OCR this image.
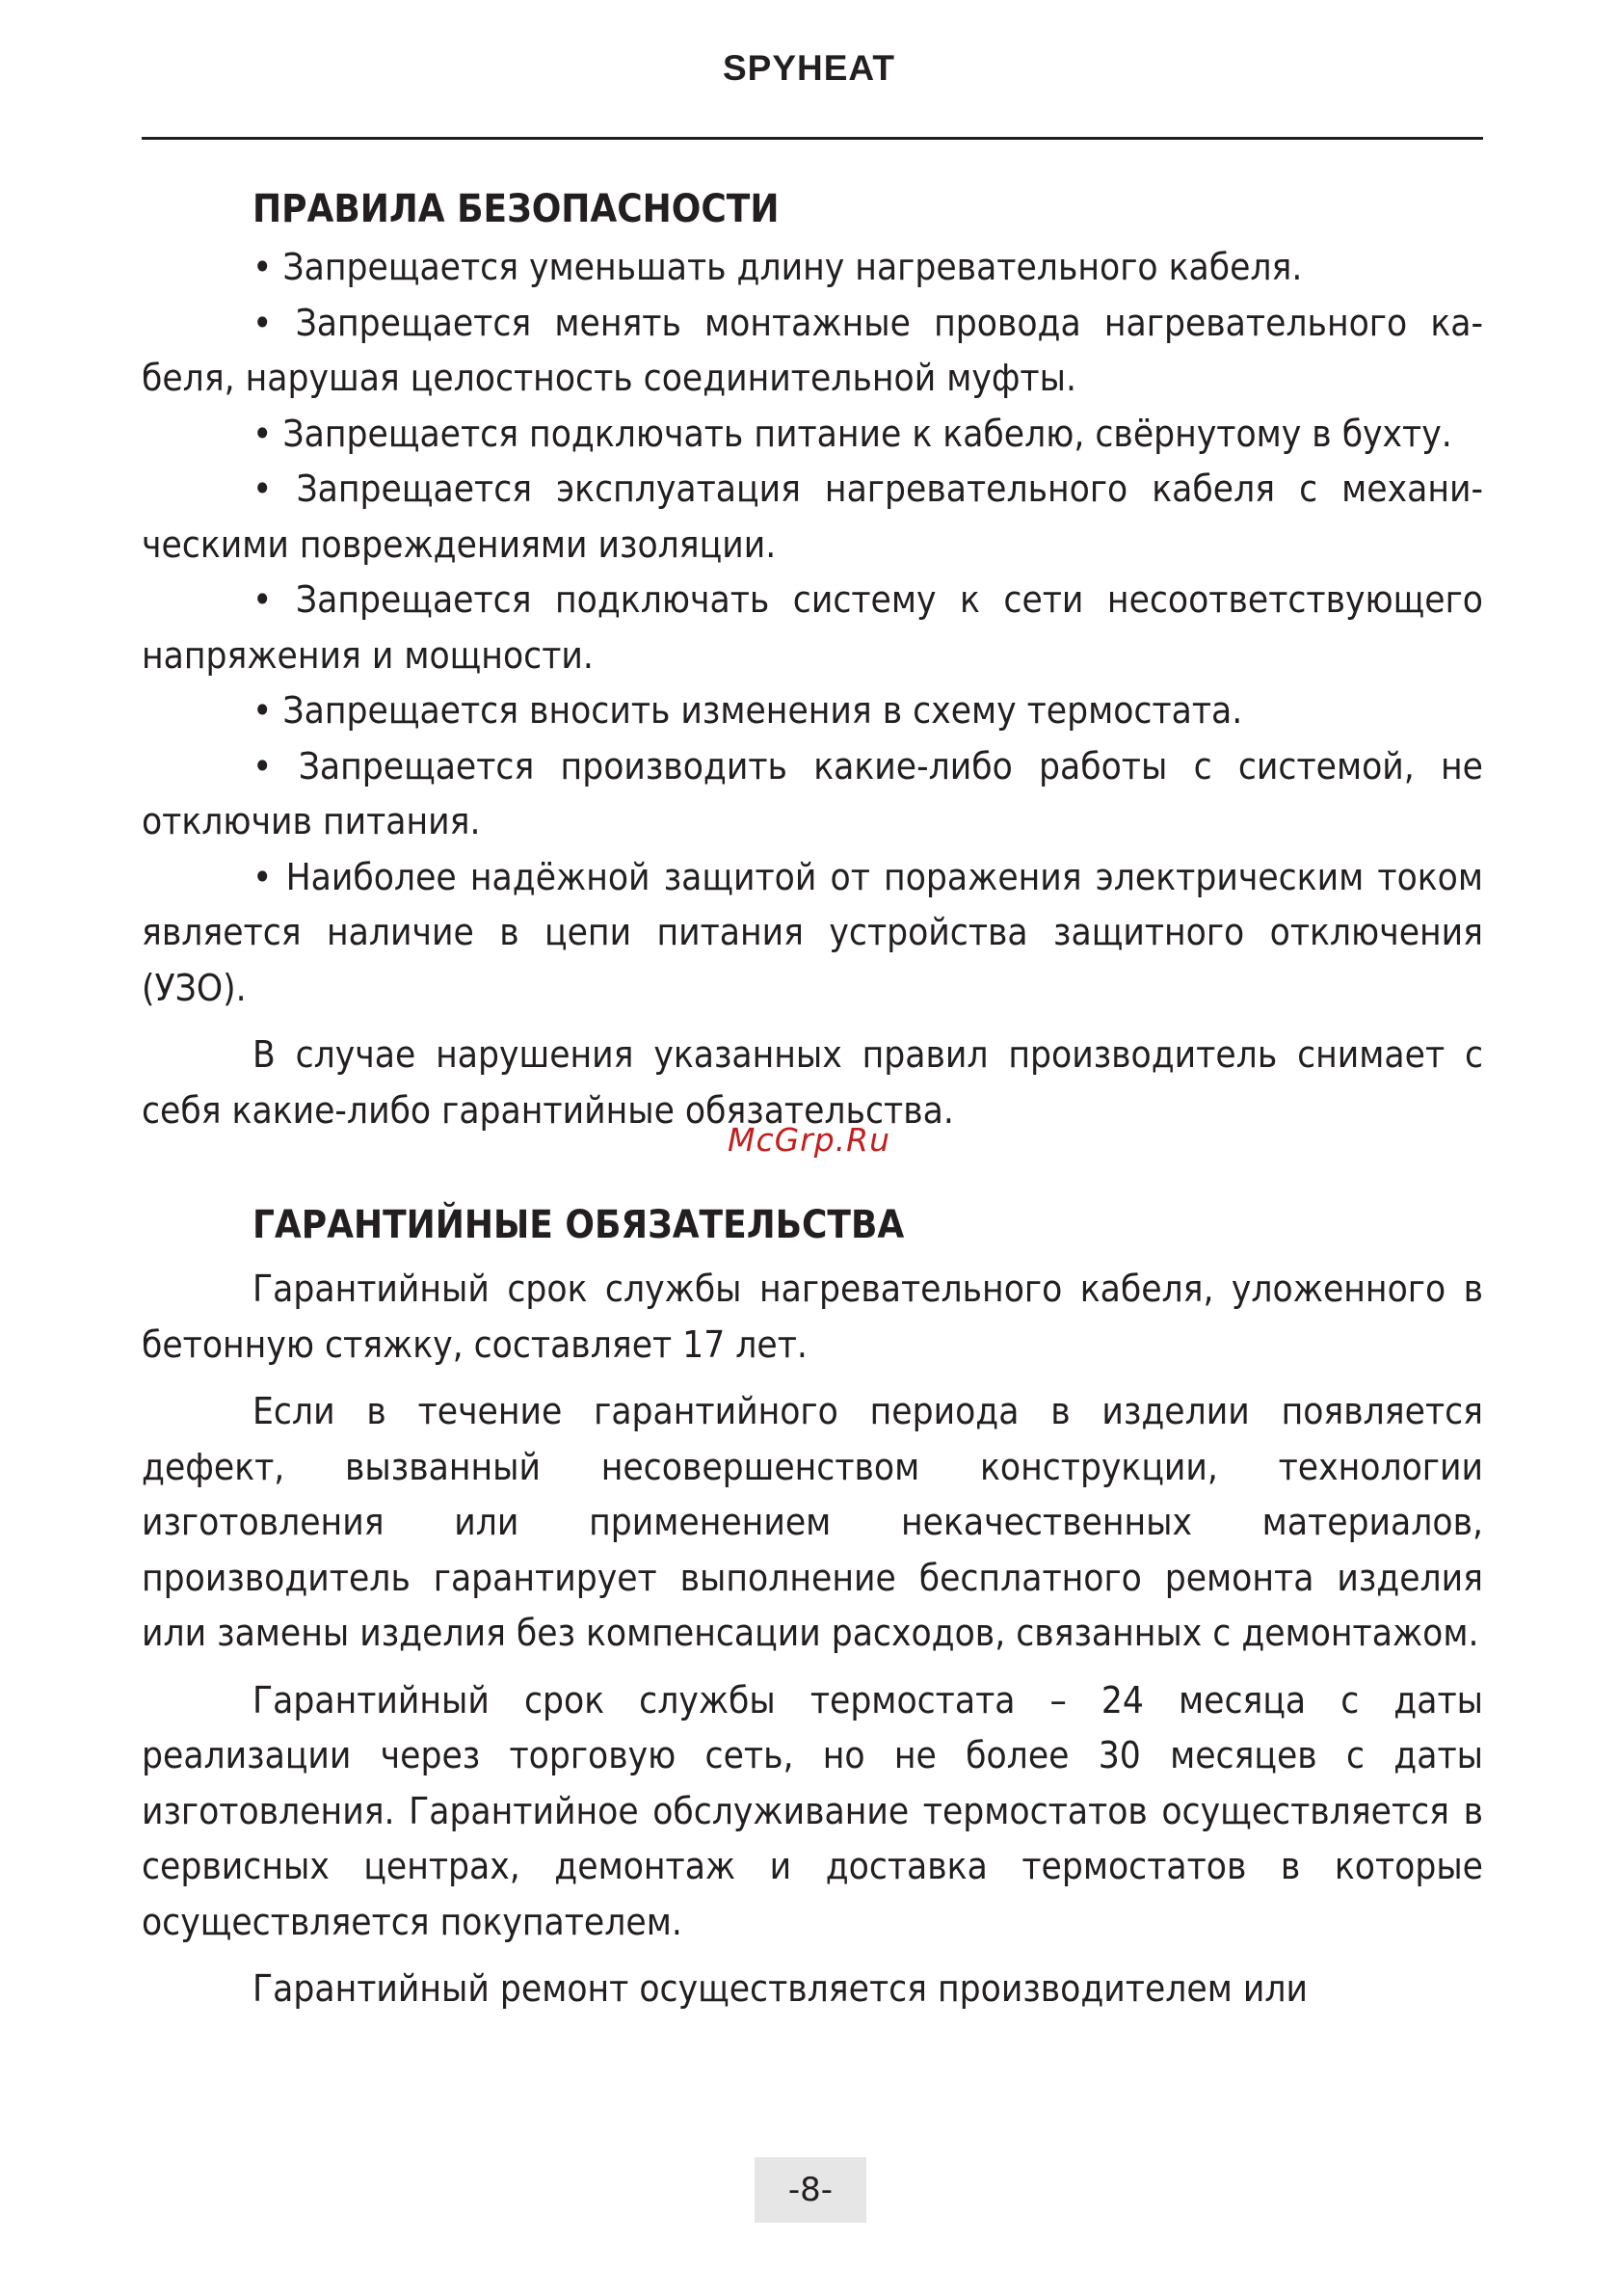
SPYHEAT
ПРАВИЛА БЕЗОПАСНОСТИ

• Запрещается уменьшать длину нагревательного кабеля.

• Запрещается менять монтажные провода нагревательного кабеля, нарушая целостность соединительной муфты.

• Запрещается подключать питание к кабелю, свёрнутому в бухту.

• Запрещается эксплуатация нагревательного кабеля с механическими повреждениями изоляции.

• Запрещается подключать систему к сети несоответствующего напряжения и мощности.

• Запрещается вносить изменения в схему термостата.

• Запрещается производить какие-либо работы с системой, не отключив питания.

• Наиболее надёжной защитой от поражения электрическим током является наличие в цепи питания устройства защитного отключения (УЗО).

В случае нарушения указанных правил производитель снимает с себя какие-либо гарантийные обязательства.

ГАРАНТИЙНЫЕ ОБЯЗАТЕЛЬСТВА

Гарантийный срок службы нагревательного кабеля, уложенного в бетонную стяжку, составляет 17 лет.

Если в течение гарантийного периода в изделии появляется дефект, вызванный несовершенством конструкции, технологии изготовления или применением некачественных материалов, производитель гарантирует выполнение бесплатного ремонта изделия или замены изделия без компенсации расходов, связанных с демонтажом.

Гарантийный срок службы термостата – 24 месяца с даты реализации через торговую сеть, но не более 30 месяцев с даты изготовления. Гарантийное обслуживание термостатов осуществляется в сервисных центрах, демонтаж и доставка термостатов в которые осуществляется покупателем.

Гарантийный ремонт осуществляется производителем или

McGrp.Ru
-8-
